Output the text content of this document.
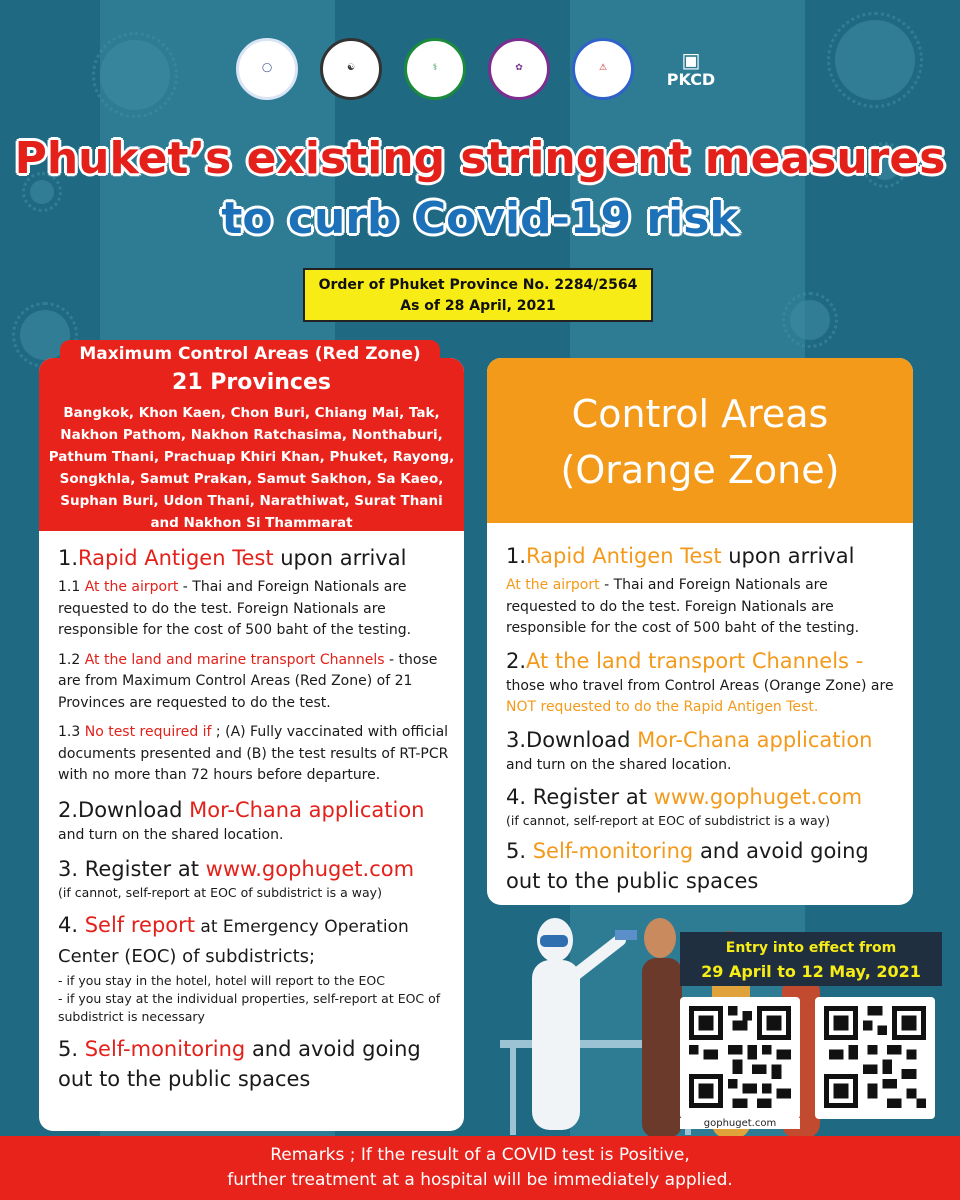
◯	☯	⚕	✿	⚠	▣
PKCD
Phuket’s existing stringent measures
to curb Covid-19 risk
Order of Phuket Province No. 2284/2564
As of 28 April, 2021
21 Provinces
Bangkok, Khon Kaen, Chon Buri, Chiang Mai, Tak, Nakhon Pathom, Nakhon Ratchasima, Nonthaburi, Pathum Thani, Prachuap Khiri Khan, Phuket, Rayong, Songkhla, Samut Prakan, Samut Sakhon, Sa Kaeo, Suphan Buri, Udon Thani, Narathiwat, Surat Thani and Nakhon Si Thammarat

1.Rapid Antigen Test upon arrival

1.1 At the airport - Thai and Foreign Nationals are requested to do the test. Foreign Nationals are responsible for the cost of 500 baht of the testing.

1.2 At the land and marine transport Channels - those are from Maximum Control Areas (Red Zone) of 21 Provinces are requested to do the test.

1.3 No test required if ; (A) Fully vaccinated with official documents presented and (B) the test results of RT-PCR with no more than 72 hours before departure.

2.Download Mor-Chana application

and turn on the shared location.

3. Register at www.gophuget.com

(if cannot, self-report at EOC of subdistrict is a way)

4. Self report at Emergency Operation

Center (EOC) of subdistricts;

- if you stay in the hotel, hotel will report to the EOC

- if you stay at the individual properties, self-report at EOC of subdistrict is necessary

5. Self-monitoring and avoid going

out to the public spaces

Maximum Control Areas (Red Zone)
Control Areas
(Orange Zone)

1.Rapid Antigen Test upon arrival

At the airport - Thai and Foreign Nationals are requested to do the test. Foreign Nationals are responsible for the cost of 500 baht of the testing.

2.At the land transport Channels -

those who travel from Control Areas (Orange Zone) are NOT requested to do the Rapid Antigen Test.

3.Download Mor-Chana application

and turn on the shared location.

4. Register at www.gophuget.com

(if cannot, self-report at EOC of subdistrict is a way)

5. Self-monitoring and avoid going

out to the public spaces

Entry into effect from
29 April to 12 May, 2021
gophuget.com
Remarks ; If the result of a COVID test is Positive,
further treatment at a hospital will be immediately applied.
